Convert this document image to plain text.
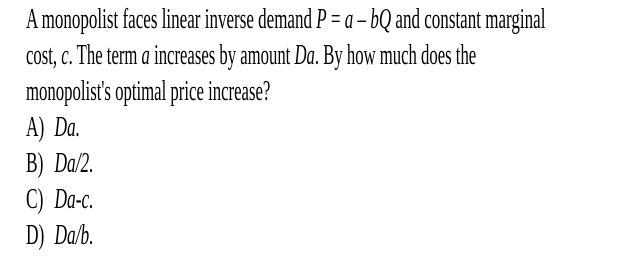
A monopolist faces linear inverse demand P = a – bQ and constant marginal
cost, c. The term a increases by amount Da. By how much does the
monopolist's optimal price increase?
A) Da.
B) Da/2.
C) Da-c.
D) Da/b.
